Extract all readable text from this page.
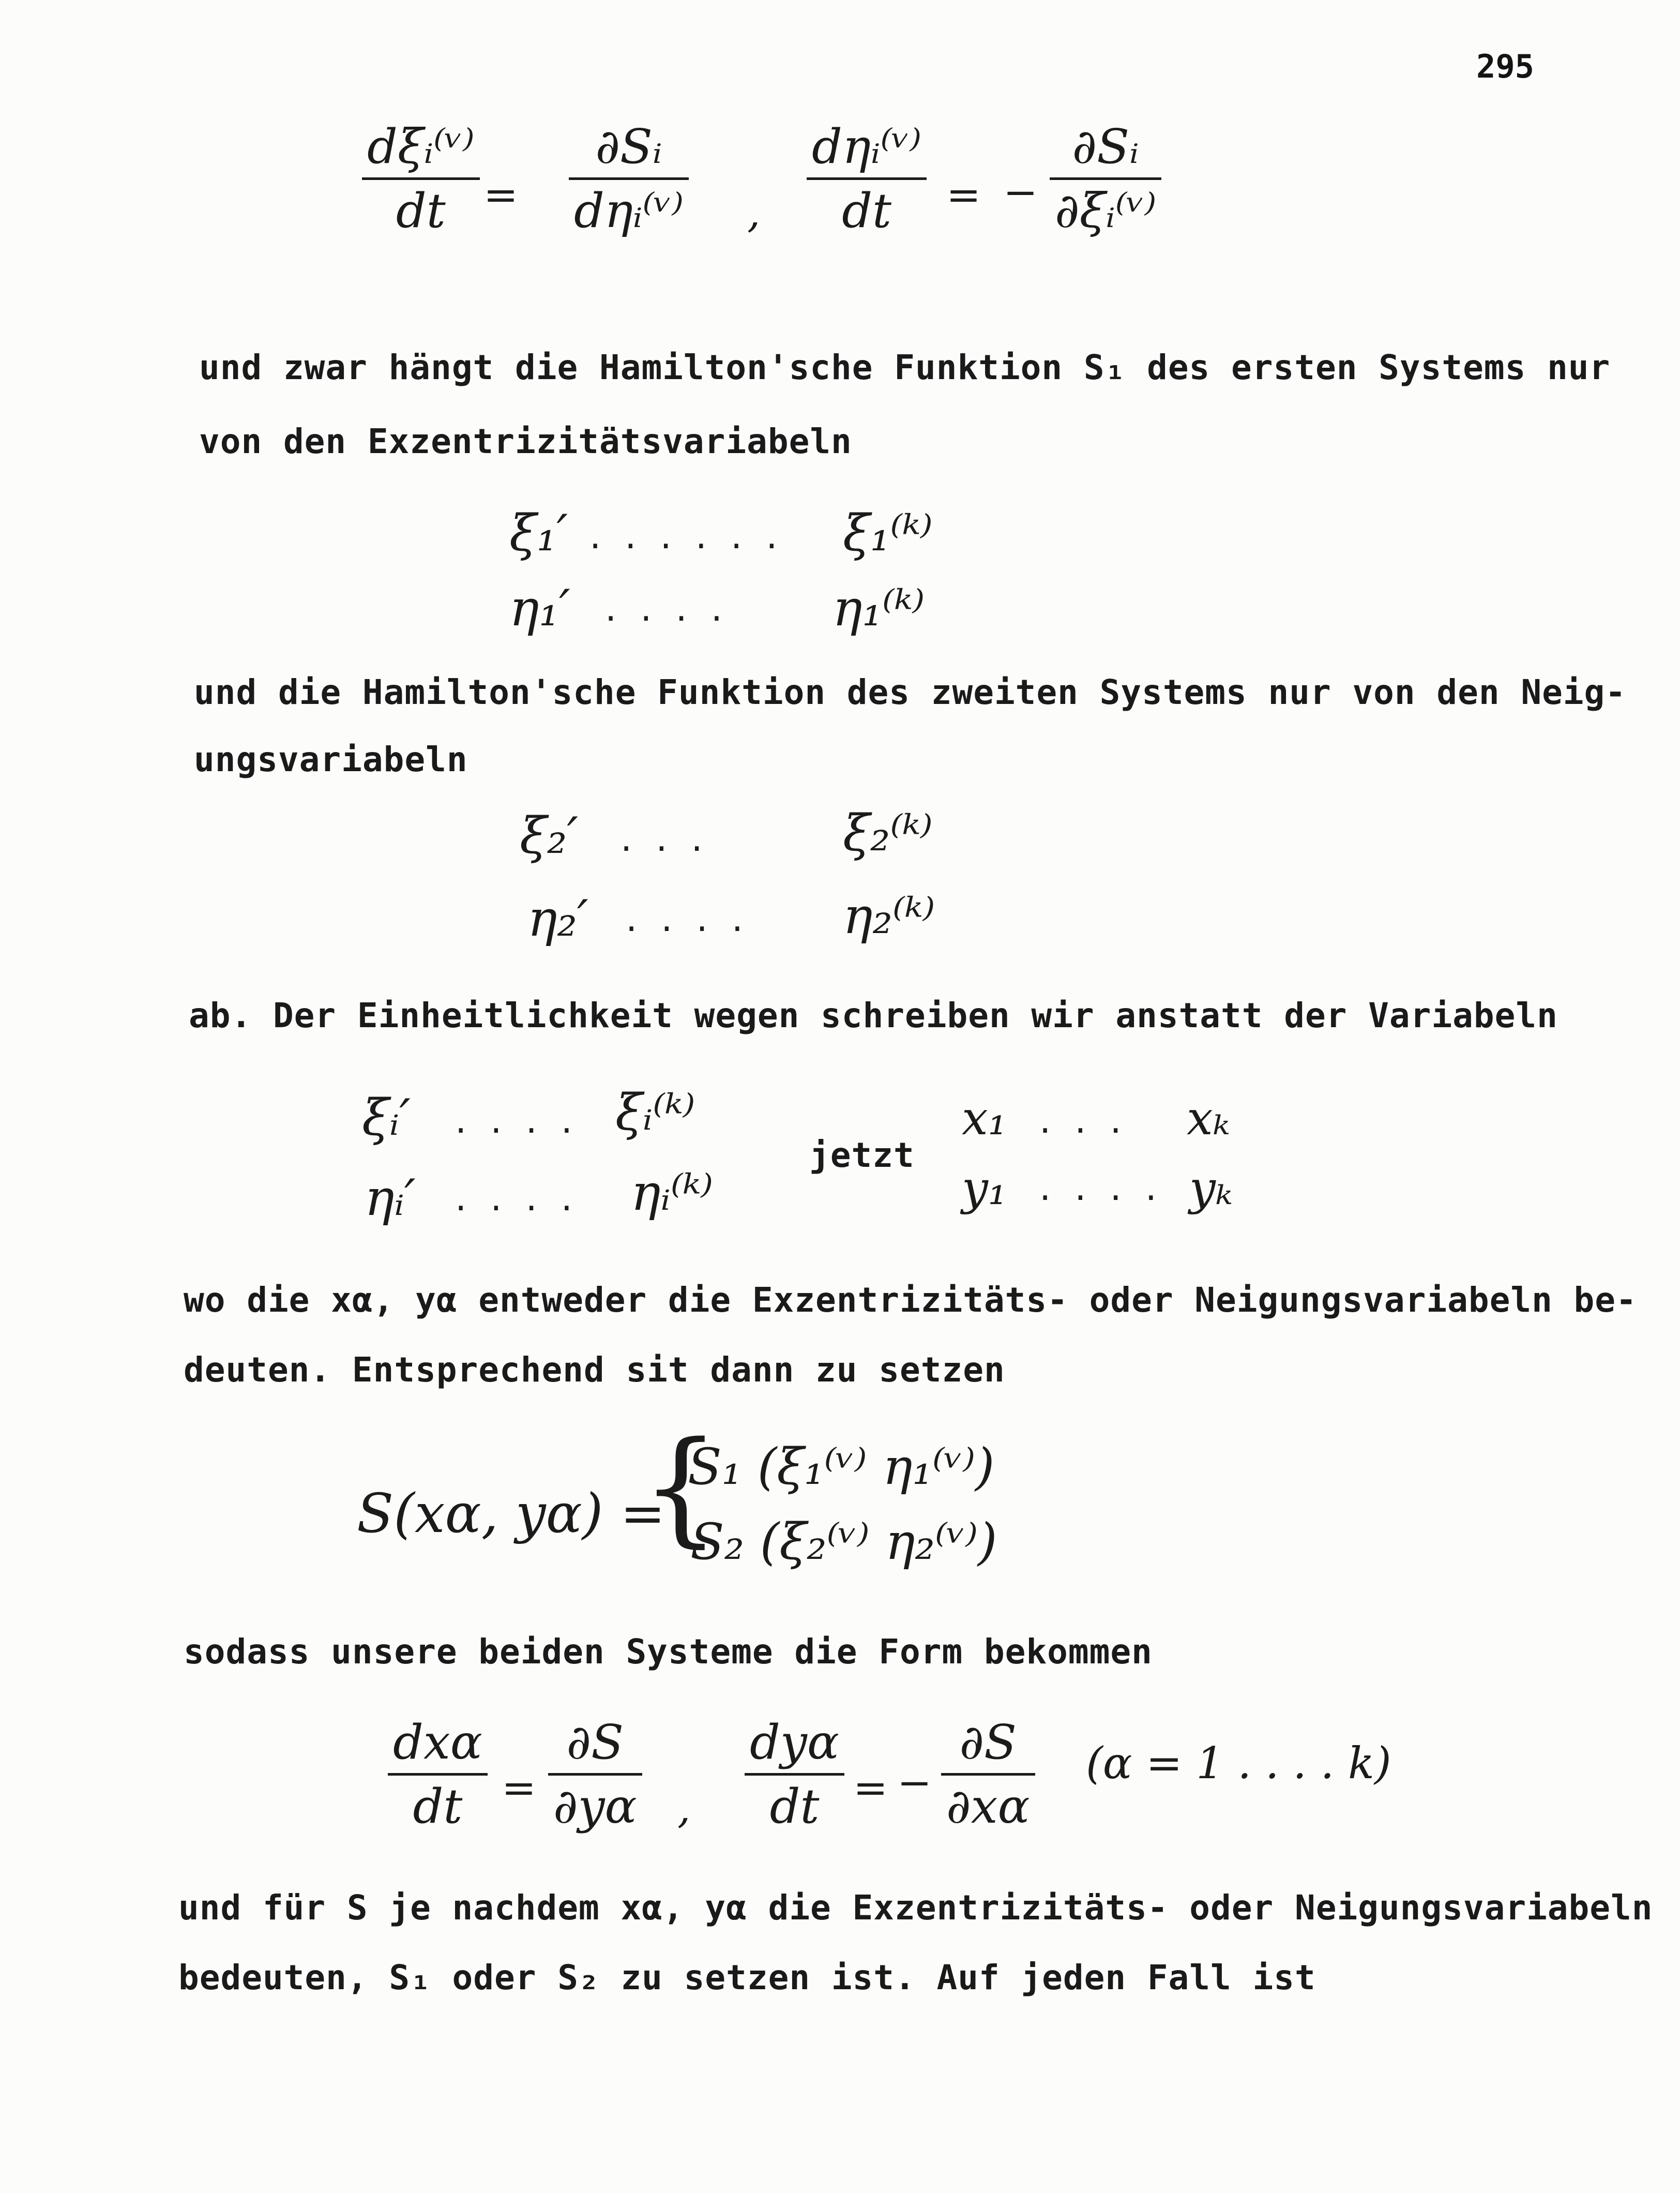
295
dξᵢ⁽ᵛ⁾
dt =
∂Sᵢ
dηᵢ⁽ᵛ⁾ ,
dηᵢ⁽ᵛ⁾
dt = −
∂Sᵢ
∂ξᵢ⁽ᵛ⁾
und zwar hängt die Hamilton'sche Funktion S₁ des ersten Systems nur
von den Exzentrizitätsvariabeln
ξ₁′ ...... ξ₁⁽ᵏ⁾
η₁′ .... η₁⁽ᵏ⁾
und die Hamilton'sche Funktion des zweiten Systems nur von den Neig-
ungsvariabeln
ξ₂′ ... ξ₂⁽ᵏ⁾
η₂′ .... η₂⁽ᵏ⁾
ab. Der Einheitlichkeit wegen schreiben wir anstatt der Variabeln
ξᵢ′ .... ξᵢ⁽ᵏ⁾
ηᵢ′ .... ηᵢ⁽ᵏ⁾
jetzt
x₁ ... xₖ
y₁ .... yₖ
wo die xα, yα entweder die Exzentrizitäts- oder Neigungsvariabeln be-
deuten. Entsprechend sit dann zu setzen
S(xα, yα) =
{
S₁ (ξ₁⁽ᵛ⁾ η₁⁽ᵛ⁾)
S₂ (ξ₂⁽ᵛ⁾ η₂⁽ᵛ⁾)
sodass unsere beiden Systeme die Form bekommen
dxα
dt =
∂S
∂yα ,
dyα
dt = −
∂S
∂xα
(α = 1 . . . . k)
und für S je nachdem xα, yα die Exzentrizitäts- oder Neigungsvariabeln
bedeuten, S₁ oder S₂ zu setzen ist. Auf jeden Fall ist
